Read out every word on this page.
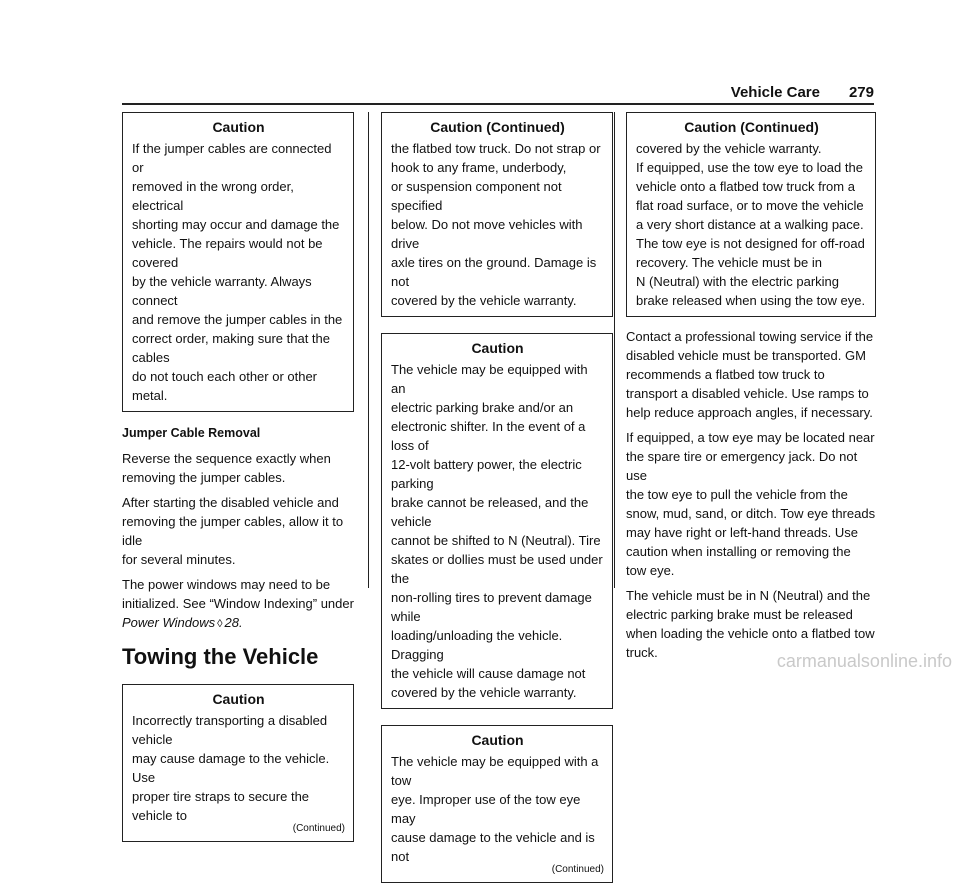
Vehicle Care 279
Caution
If the jumper cables are connected or
removed in the wrong order, electrical
shorting may occur and damage the
vehicle. The repairs would not be covered
by the vehicle warranty. Always connect
and remove the jumper cables in the
correct order, making sure that the cables
do not touch each other or other metal.
Jumper Cable Removal

Reverse the sequence exactly when
removing the jumper cables.

After starting the disabled vehicle and
removing the jumper cables, allow it to idle
for several minutes.

The power windows may need to be
initialized. See “Window Indexing” under
Power Windows ◊ 28.

Towing the Vehicle
Caution
Incorrectly transporting a disabled vehicle
may cause damage to the vehicle. Use
proper tire straps to secure the vehicle to
(Continued)
Caution (Continued)
the flatbed tow truck. Do not strap or
hook to any frame, underbody,
or suspension component not specified
below. Do not move vehicles with drive
axle tires on the ground. Damage is not
covered by the vehicle warranty.
Caution
The vehicle may be equipped with an
electric parking brake and/or an
electronic shifter. In the event of a loss of
12-volt battery power, the electric parking
brake cannot be released, and the vehicle
cannot be shifted to N (Neutral). Tire
skates or dollies must be used under the
non-rolling tires to prevent damage while
loading/unloading the vehicle. Dragging
the vehicle will cause damage not
covered by the vehicle warranty.
Caution
The vehicle may be equipped with a tow
eye. Improper use of the tow eye may
cause damage to the vehicle and is not
(Continued)
Caution (Continued)
covered by the vehicle warranty.
If equipped, use the tow eye to load the
vehicle onto a flatbed tow truck from a
flat road surface, or to move the vehicle
a very short distance at a walking pace.
The tow eye is not designed for off-road
recovery. The vehicle must be in
N (Neutral) with the electric parking
brake released when using the tow eye.

Contact a professional towing service if the
disabled vehicle must be transported. GM
recommends a flatbed tow truck to
transport a disabled vehicle. Use ramps to
help reduce approach angles, if necessary.

If equipped, a tow eye may be located near
the spare tire or emergency jack. Do not use
the tow eye to pull the vehicle from the
snow, mud, sand, or ditch. Tow eye threads
may have right or left-hand threads. Use
caution when installing or removing the
tow eye.

The vehicle must be in N (Neutral) and the
electric parking brake must be released
when loading the vehicle onto a flatbed tow
truck.	carmanualsonline.info
